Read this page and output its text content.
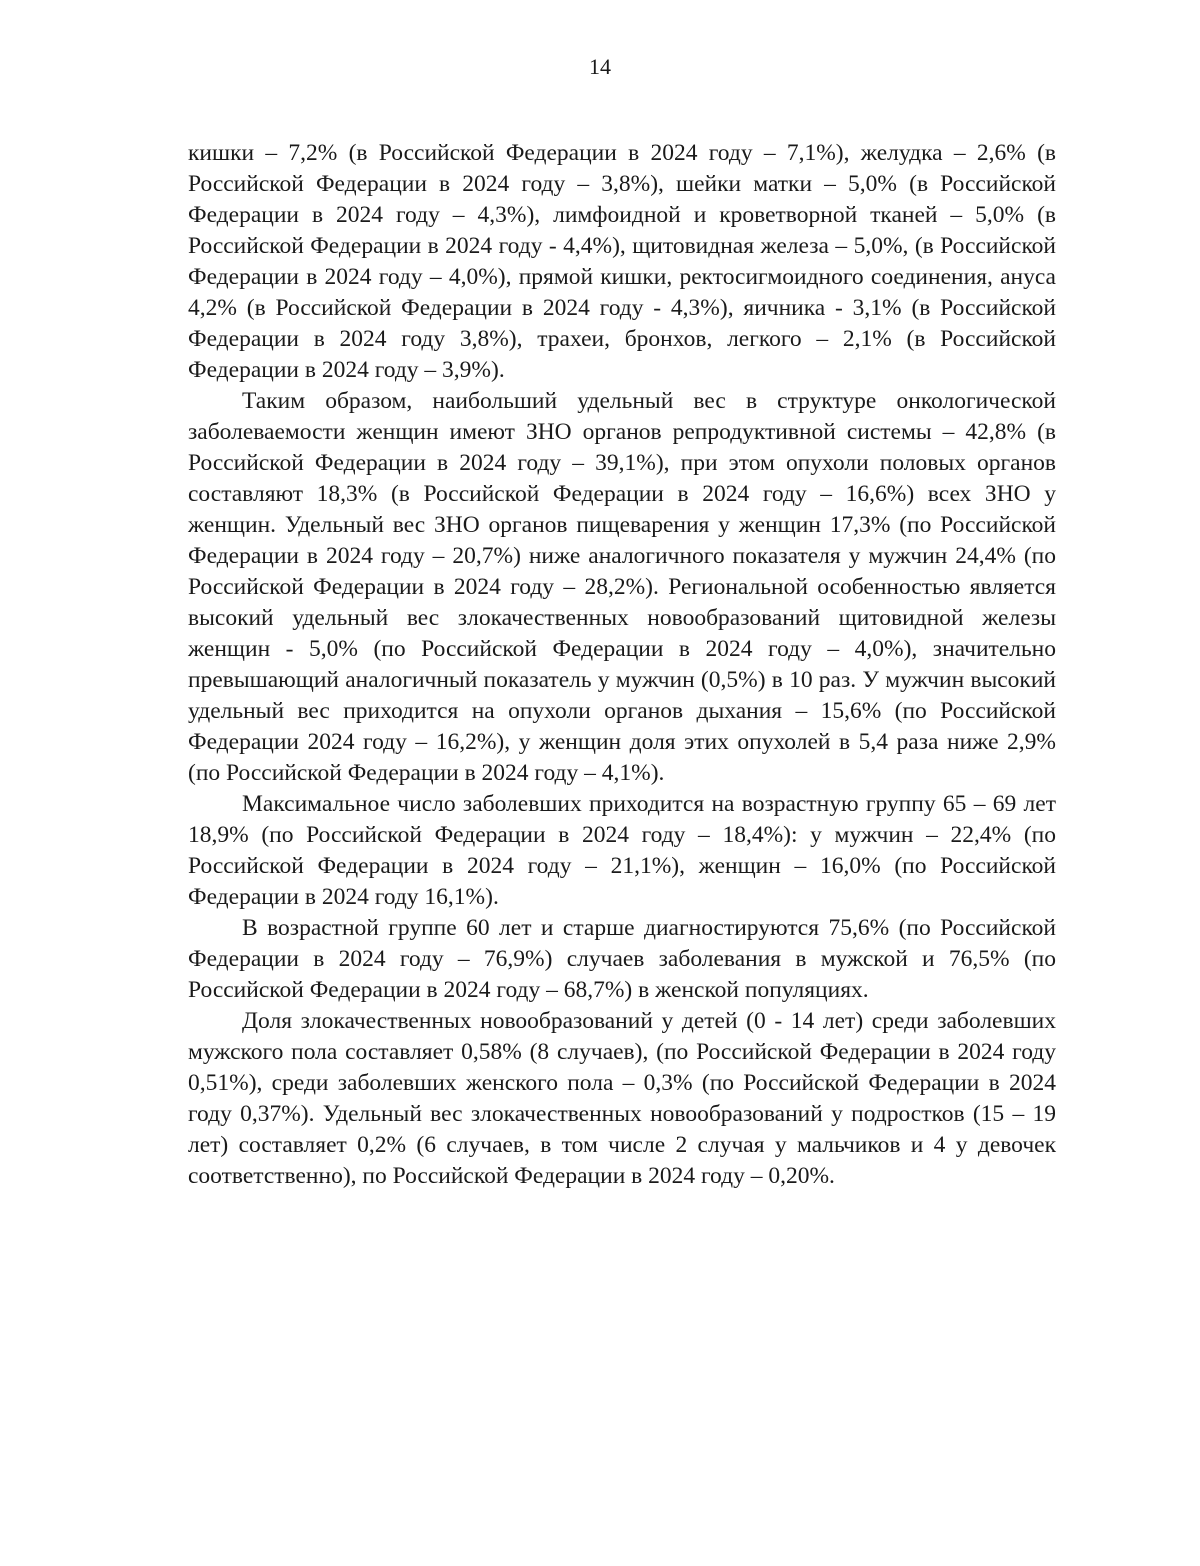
14

кишки – 7,2% (в Российской Федерации в 2024 году – 7,1%), желудка – 2,6% (в Российской Федерации в 2024 году – 3,8%), шейки матки – 5,0% (в Российской Федерации в 2024 году – 4,3%), лимфоидной и кроветворной тканей – 5,0% (в Российской Федерации в 2024 году - 4,4%), щитовидная железа – 5,0%, (в Российской Федерации в 2024 году – 4,0%), прямой кишки, ректосигмоидного соединения, ануса 4,2% (в Российской Федерации в 2024 году - 4,3%), яичника - 3,1% (в Российской Федерации в 2024 году 3,8%), трахеи, бронхов, легкого – 2,1% (в Российской Федерации в 2024 году – 3,9%).

Таким образом, наибольший удельный вес в структуре онкологической заболеваемости женщин имеют ЗНО органов репродуктивной системы – 42,8% (в Российской Федерации в 2024 году – 39,1%), при этом опухоли половых органов составляют 18,3% (в Российской Федерации в 2024 году – 16,6%) всех ЗНО у женщин. Удельный вес ЗНО органов пищеварения у женщин 17,3% (по Российской Федерации в 2024 году – 20,7%) ниже аналогичного показателя у мужчин 24,4% (по Российской Федерации в 2024 году – 28,2%). Региональной особенностью является высокий удельный вес злокачественных новообразований щитовидной железы женщин - 5,0% (по Российской Федерации в 2024 году – 4,0%), значительно превышающий аналогичный показатель у мужчин (0,5%) в 10 раз. У мужчин высокий удельный вес приходится на опухоли органов дыхания – 15,6% (по Российской Федерации 2024 году – 16,2%), у женщин доля этих опухолей в 5,4 раза ниже 2,9% (по Российской Федерации в 2024 году – 4,1%).

Максимальное число заболевших приходится на возрастную группу 65 – 69 лет 18,9% (по Российской Федерации в 2024 году – 18,4%): у мужчин – 22,4% (по Российской Федерации в 2024 году – 21,1%), женщин – 16,0% (по Российской Федерации в 2024 году 16,1%).

В возрастной группе 60 лет и старше диагностируются 75,6% (по Российской Федерации в 2024 году – 76,9%) случаев заболевания в мужской и 76,5% (по Российской Федерации в 2024 году – 68,7%) в женской популяциях.

Доля злокачественных новообразований у детей (0 - 14 лет) среди заболевших мужского пола составляет 0,58% (8 случаев), (по Российской Федерации в 2024 году 0,51%), среди заболевших женского пола – 0,3% (по Российской Федерации в 2024 году 0,37%). Удельный вес злокачественных новообразований у подростков (15 – 19 лет) составляет 0,2% (6 случаев, в том числе 2 случая у мальчиков и 4 у девочек соответственно), по Российской Федерации в 2024 году – 0,20%.
